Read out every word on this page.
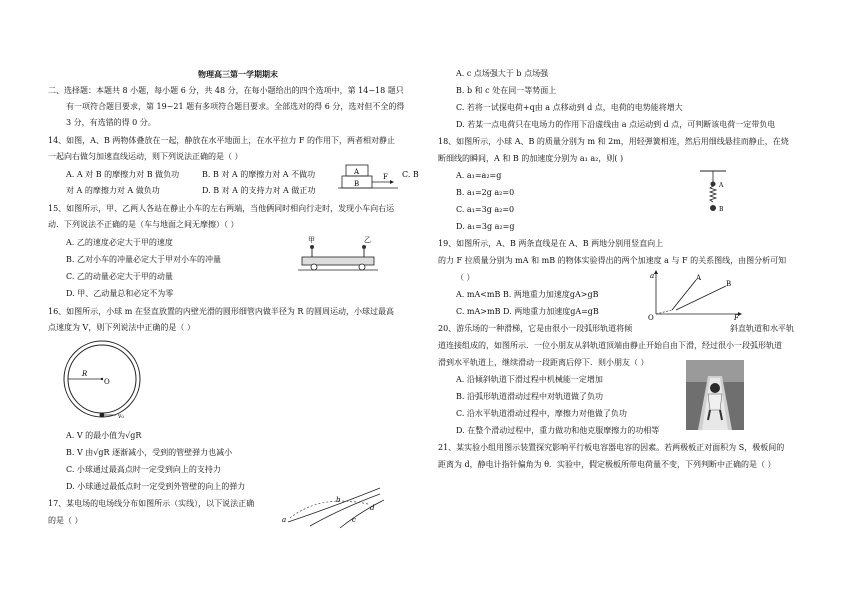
物理高三第一学期期末
二、选择题：本题共 8 小题，每小题 6 分，共 48 分，在每小题给出的四个选项中，第 14~18 题只
有一项符合题目要求，第 19~21 题有多项符合题目要求。全部选对的得 6 分，选对但不全的得
3 分，有选错的得 0 分。
14、如图，A、B 两物体叠放在一起，静放在水平地面上，在水平拉力 F 的作用下，两者相对静止
一起向右做匀加速直线运动，则下列说法正确的是（ ）
A. A 对 B 的摩擦力对 B 做负功	B. B 对 A 的摩擦力对 A 不做功	C. B
对 A 的摩擦力对 A 做负功	D. B 对 A 的支持力对 A 做正功
A
B
F
15、如图所示，甲、乙两人各站在静止小车的左右两端，当他俩同时相向行走时，发现小车向右运
动．下列说法不正确的是（车与地面之间无摩擦）（ ）
A. 乙的速度必定大于甲的速度
B. 乙对小车的冲量必定大于甲对小车的冲量
C. 乙的动量必定大于甲的动量
D. 甲、乙动量总和必定不为零
甲	乙
16、如图所示，小球 m 在竖直放置的内壁光滑的圆形细管内做半径为 R 的圆周运动，小球过最高
点速度为 V，则下列说法中正确的是（ ）
R
O
v₀
A. V 的最小值为√gR
B. V 由√gR 逐渐减小，受到的管壁弹力也减小
C. 小球通过最高点时一定受到向上的支持力
D. 小球通过最低点时一定受到外管壁的向上的弹力
17、某电场的电场线分布如图所示（实线），以下说法正确
的是（ ）	a
b
c
d
A. c 点场强大于 b 点场强
B. b 和 c 处在同一等势面上
C. 若将一试探电荷+q由 a 点移动到 d 点，电荷的电势能将增大
D. 若某一点电荷只在电场力的作用下沿虚线由 a 点运动到 d 点，可判断该电荷一定带负电
18、如图所示，小球 A、B 的质量分别为 m 和 2m，用轻弹簧相连，然后用细线悬挂而静止，在烧
断细线的瞬间，A 和 B 的加速度分别为 a₁ a₂，则( )
A. a₁=a₂=g
B. a₁=2g a₂=0
C. a₁=3g a₂=0
D. a₁=3g a₂=g
A
B
19、如图所示，A、B 两条直线是在 A、B 两地分别用竖直向上
的力 F 拉质量分别为 mA 和 mB 的物体实验得出的两个加速度 a 与 F 的关系图线，由图分析可知
（ ）
A. mA<mB B. 两地重力加速度gA>gB
C. mA>mB D. 两地重力加速度gA=gB
a
O	F
A
B
20、游乐场的一种滑梯，它是由很小一段弧形轨道将倾	斜直轨道和水平轨
道连接组成的，如图所示．一位小朋友从斜轨道顶端由静止开始自由下滑，经过很小一段弧形轨道
滑到水平轨道上，继续滑动一段距离后停下．则小朋友（ ）
A. 沿倾斜轨道下滑过程中机械能一定增加
B. 沿弧形轨道滑动过程中对轨道做了负功
C. 沿水平轨道滑动过程中，摩擦力对他做了负功
D. 在整个滑动过程中，重力做功和他克服摩擦力的功相等
21、某实验小组用图示装置探究影响平行板电容器电容的因素。若两极板正对面积为 S，极板间的
距离为 d，静电计指针偏角为 θ．实验中，假定极板所带电荷量不变，下列判断中正确的是（ ）
